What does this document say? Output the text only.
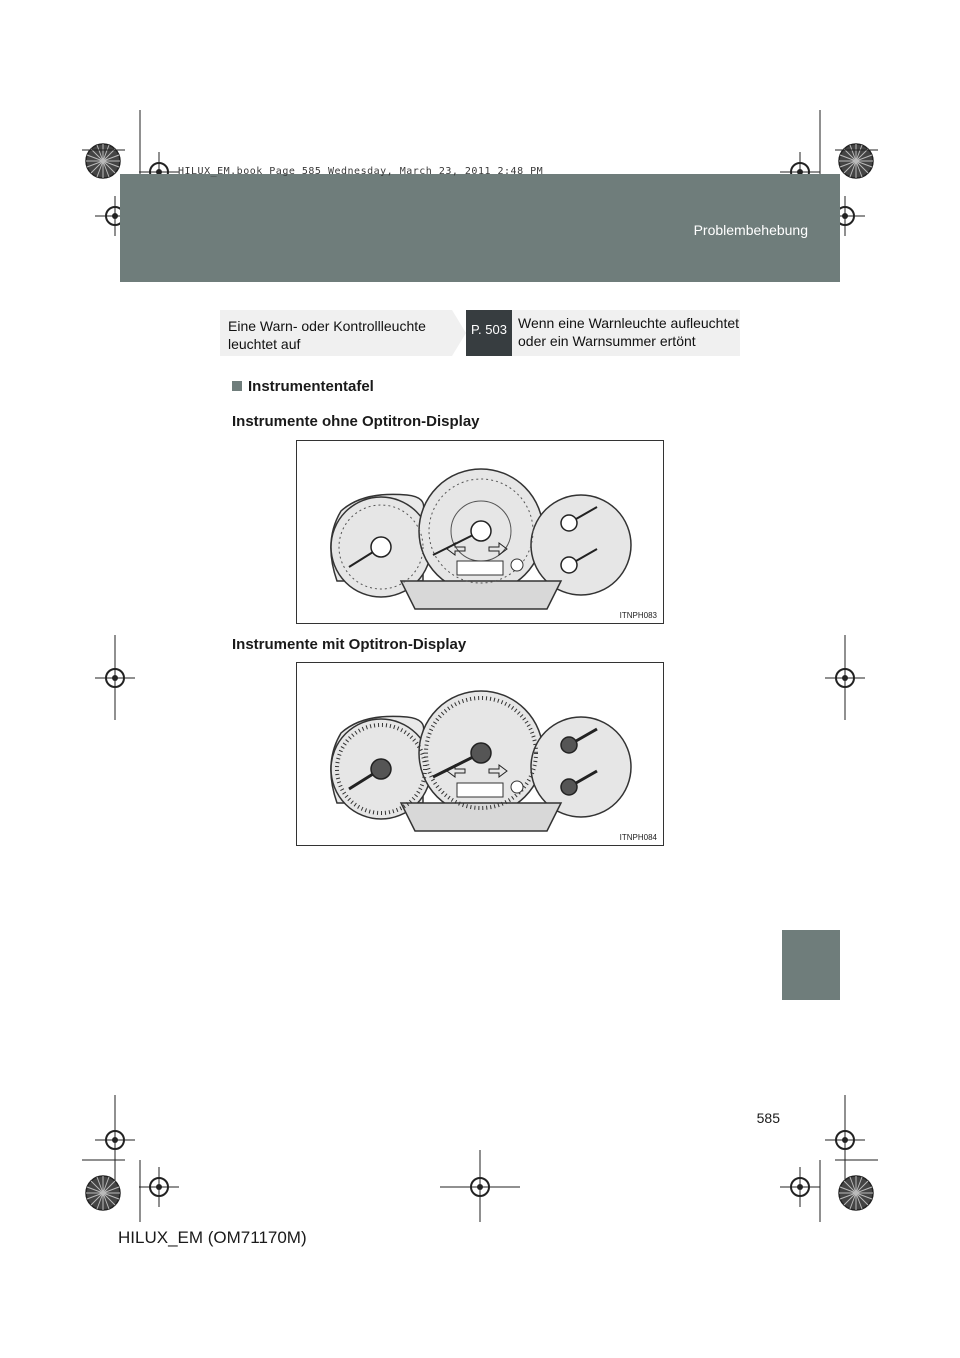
HILUX_EM.book Page 585 Wednesday, March 23, 2011 2:48 PM
Problembehebung
Eine Warn- oder Kontrollleuchte leuchtet auf
P. 503 Wenn eine Warnleuchte aufleuchtet oder ein Warnsummer ertönt
Instrumententafel
Instrumente ohne Optitron-Display
ITNPH083
Instrumente mit Optitron-Display
ITNPH084
585
HILUX_EM (OM71170M)
